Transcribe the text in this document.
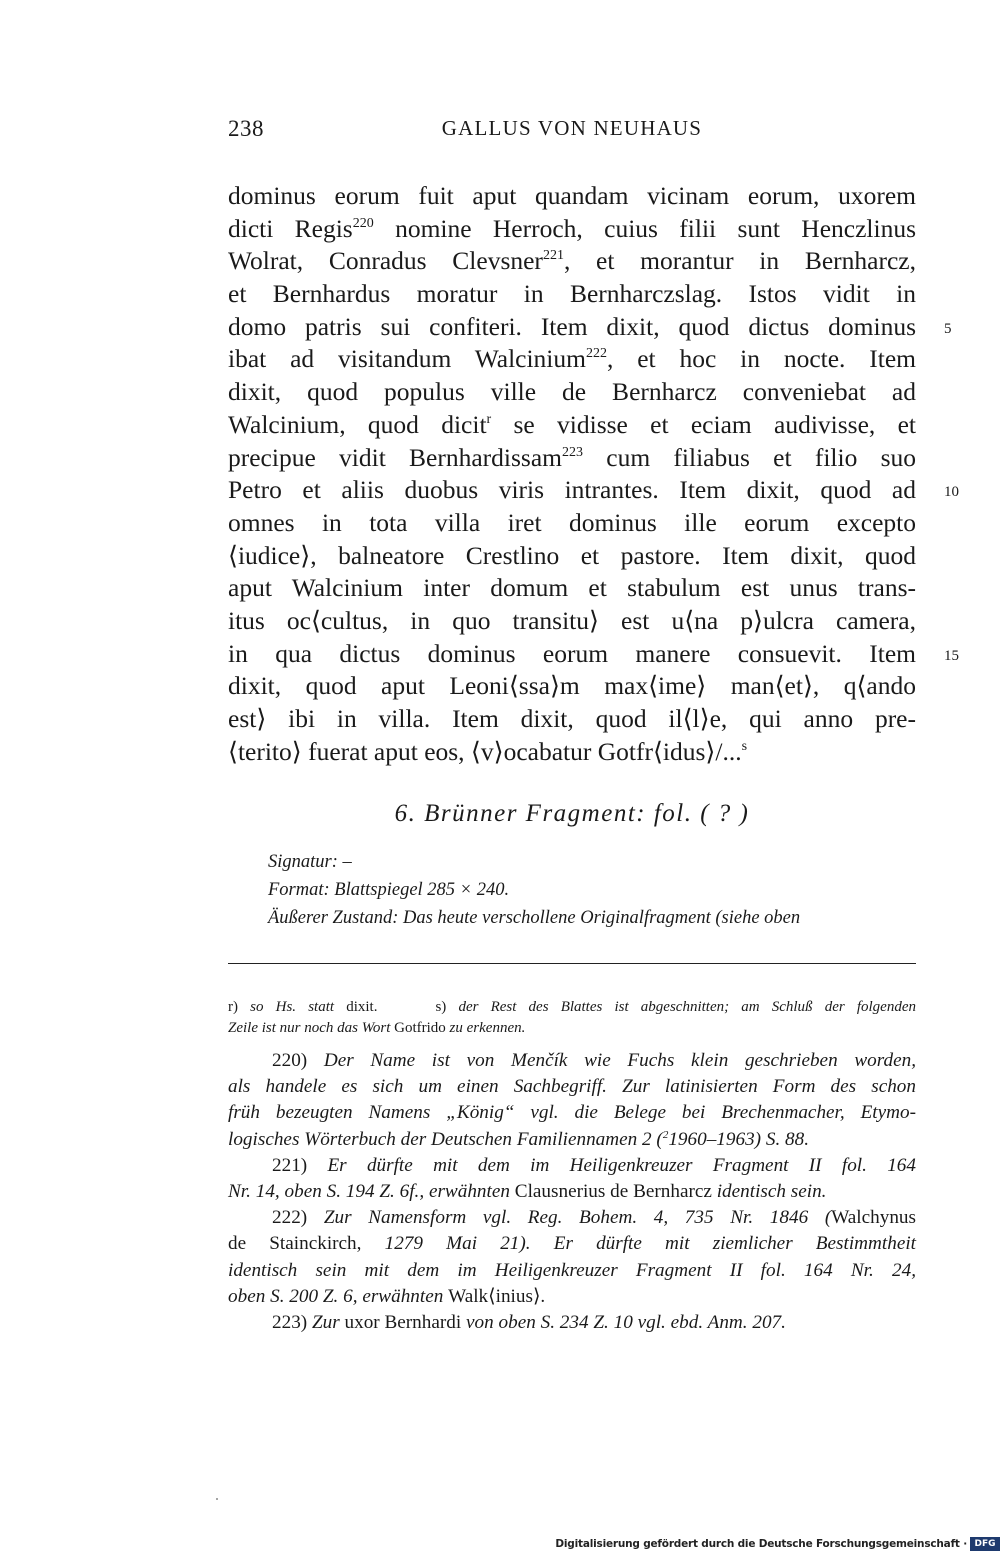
238	GALLUS VON NEUHAUS
dominus eorum fuit aput quandam vicinam eorum, uxorem
dicti Regis$^{220}$ nomine Herroch, cuius filii sunt Henczlinus
Wolrat, Conradus Clevsner$^{221}$, et morantur in Bernharcz,
et Bernhardus moratur in Bernharczslag. Istos vidit in
domo patris sui confiteri. Item dixit, quod dictus dominus 5
ibat ad visitandum Walcinium$^{222}$, et hoc in nocte. Item
dixit, quod populus ville de Bernharcz conveniebat ad
Walcinium, quod dicit$^r$ se vidisse et eciam audivisse, et
precipue vidit Bernhardissam$^{223}$ cum filiabus et filio suo
Petro et aliis duobus viris intrantes. Item dixit, quod ad 10
omnes in tota villa iret dominus ille eorum excepto
⟨iudice⟩, balneatore Crestlino et pastore. Item dixit, quod
aput Walcinium inter domum et stabulum est unus trans-
itus oc⟨cultus, in quo transitu⟩ est u⟨na p⟩ulcra camera,
in qua dictus dominus eorum manere consuevit. Item 15
dixit, quod aput Leoni⟨ssa⟩m max⟨ime⟩ man⟨et⟩, q⟨ando
est⟩ ibi in villa. Item dixit, quod il⟨l⟩e, qui anno pre-
⟨terito⟩ fuerat aput eos, ⟨v⟩ocabatur Gotfr⟨idus⟩/...$^s$
6. Brünner Fragment: fol. ( ? )
Signatur: –
Format: Blattspiegel 285 × 240.
Äußerer Zustand: Das heute verschollene Originalfragment (siehe oben
r) so Hs. statt dixit.	s) der Rest des Blattes ist abgeschnitten; am Schluß der folgenden
Zeile ist nur noch das Wort Gotfrido zu erkennen.
220) Der Name ist von Menčík wie Fuchs klein geschrieben worden,
als handele es sich um einen Sachbegriff. Zur latinisierten Form des schon
früh bezeugten Namens „König“ vgl. die Belege bei Brechenmacher, Etymo-
logisches Wörterbuch der Deutschen Familiennamen 2 ($^2$1960–1963) S. 88.
221) Er dürfte mit dem im Heiligenkreuzer Fragment II fol. 164
Nr. 14, oben S. 194 Z. 6f., erwähnten Clausnerius de Bernharcz identisch sein.
222) Zur Namensform vgl. Reg. Bohem. 4, 735 Nr. 1846 (Walchynus
de Stainckirch, 1279 Mai 21). Er dürfte mit ziemlicher Bestimmtheit
identisch sein mit dem im Heiligenkreuzer Fragment II fol. 164 Nr. 24,
oben S. 200 Z. 6, erwähnten Walk⟨inius⟩.
223) Zur uxor Bernhardi von oben S. 234 Z. 10 vgl. ebd. Anm. 207.
Digitalisierung gefördert durch die Deutsche Forschungsgemeinschaft · DFG
